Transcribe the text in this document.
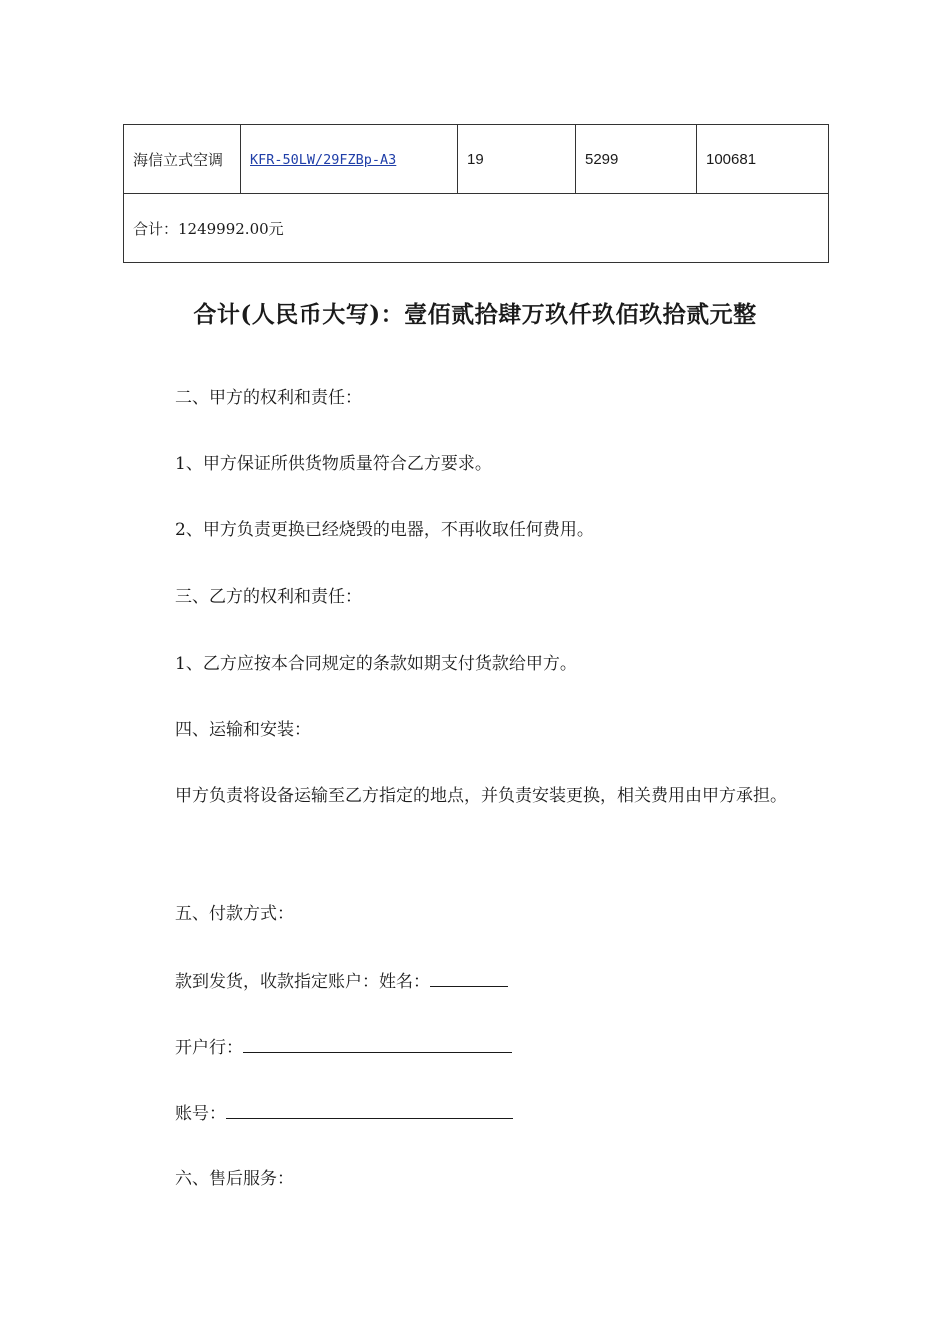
海信立式空调	KFR-50LW/29FZBp-A3	19	5299	100681
合计：1249992.00元
合计(人民币大写)：壹佰贰拾肆万玖仟玖佰玖拾贰元整
二、甲方的权利和责任：
1、甲方保证所供货物质量符合乙方要求。
2、甲方负责更换已经烧毁的电器，不再收取任何费用。
三、乙方的权利和责任：
1、乙方应按本合同规定的条款如期支付货款给甲方。
四、运输和安装：
甲方负责将设备运输至乙方指定的地点，并负责安装更换，相关费用由甲方承担。
五、付款方式：
款到发货，收款指定账户：姓名：
开户行：
账号：
六、售后服务：
